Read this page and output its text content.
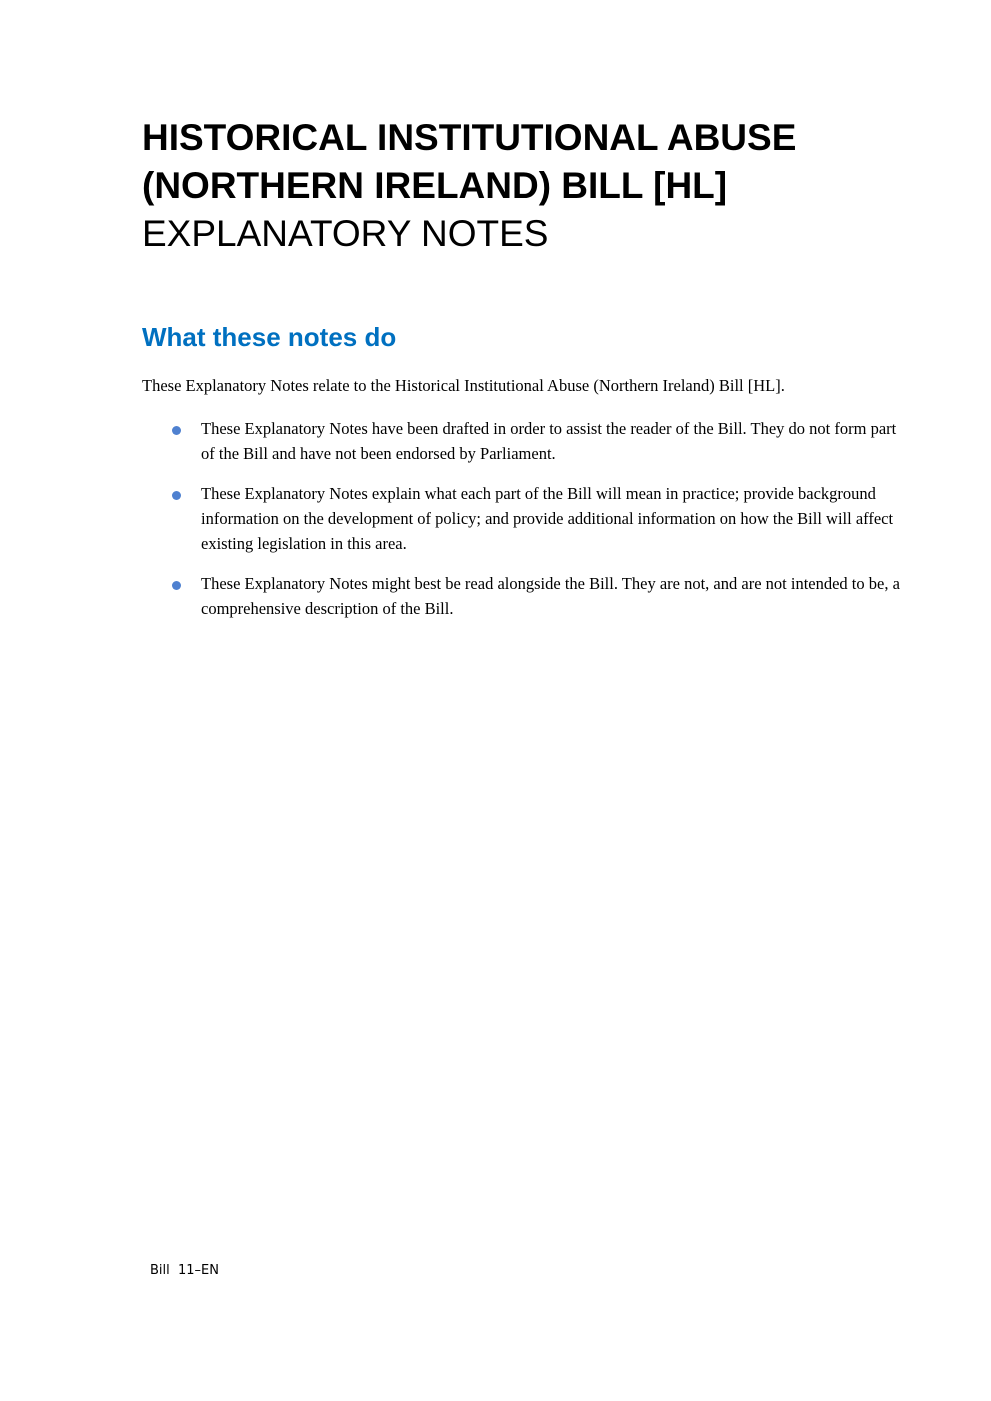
HISTORICAL INSTITUTIONAL ABUSE
(NORTHERN IRELAND) BILL [HL]
EXPLANATORY NOTES
What these notes do
These Explanatory Notes relate to the Historical Institutional Abuse (Northern Ireland) Bill [HL].
These Explanatory Notes have been drafted in order to assist the reader of the Bill. They do not form part of the Bill and have not been endorsed by Parliament.
These Explanatory Notes explain what each part of the Bill will mean in practice; provide background information on the development of policy; and provide additional information on how the Bill will affect existing legislation in this area.
These Explanatory Notes might best be read alongside the Bill. They are not, and are not intended to be, a comprehensive description of the Bill.
Bill  11–EN
